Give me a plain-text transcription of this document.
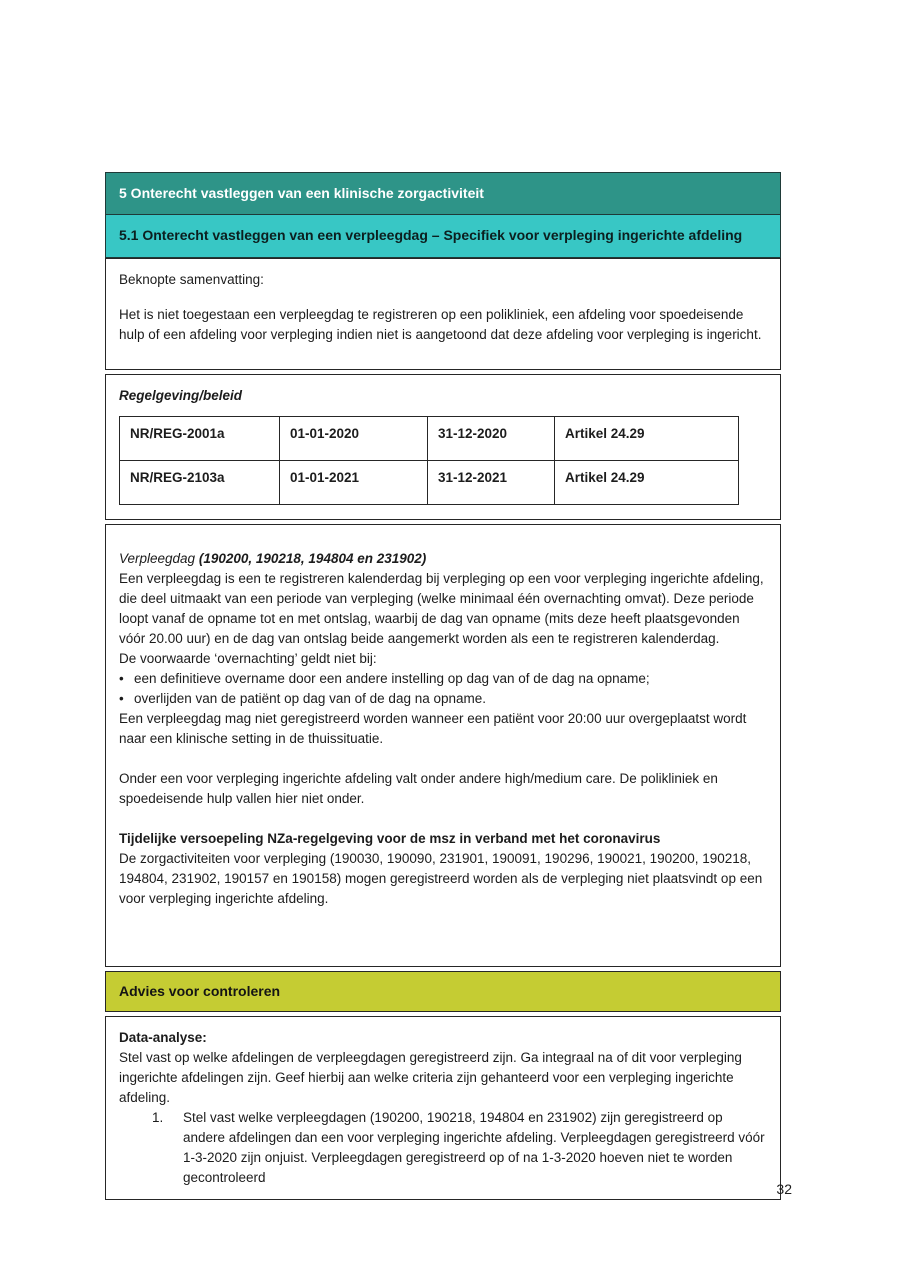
5 Onterecht vastleggen van een klinische zorgactiviteit
5.1 Onterecht vastleggen van een verpleegdag – Specifiek voor verpleging ingerichte afdeling

Beknopte samenvatting:

Het is niet toegestaan een verpleegdag te registreren op een polikliniek, een afdeling voor spoedeisende hulp of een afdeling voor verpleging indien niet is aangetoond dat deze afdeling voor verpleging is ingericht.

Regelgeving/beleid

NR/REG-2001a	01-01-2020	31-12-2020	Artikel 24.29
NR/REG-2103a	01-01-2021	31-12-2021	Artikel 24.29

Verpleegdag (190200, 190218, 194804 en 231902)

Een verpleegdag is een te registreren kalenderdag bij verpleging op een voor verpleging ingerichte afdeling, die deel uitmaakt van een periode van verpleging (welke minimaal één overnachting omvat). Deze periode loopt vanaf de opname tot en met ontslag, waarbij de dag van opname (mits deze heeft plaatsgevonden vóór 20.00 uur) en de dag van ontslag beide aangemerkt worden als een te registreren kalenderdag.

De voorwaarde ‘overnachting’ geldt niet bij:

• een definitieve overname door een andere instelling op dag van of de dag na opname;
• overlijden van de patiënt op dag van of de dag na opname.

Een verpleegdag mag niet geregistreerd worden wanneer een patiënt voor 20:00 uur overgeplaatst wordt naar een klinische setting in de thuissituatie.

Onder een voor verpleging ingerichte afdeling valt onder andere high/medium care. De polikliniek en spoedeisende hulp vallen hier niet onder.

Tijdelijke versoepeling NZa-regelgeving voor de msz in verband met het coronavirus

De zorgactiviteiten voor verpleging (190030, 190090, 231901, 190091, 190296, 190021, 190200, 190218, 194804, 231902, 190157 en 190158) mogen geregistreerd worden als de verpleging niet plaatsvindt op een voor verpleging ingerichte afdeling.

Advies voor controleren

Data-analyse:

Stel vast op welke afdelingen de verpleegdagen geregistreerd zijn. Ga integraal na of dit voor verpleging ingerichte afdelingen zijn. Geef hierbij aan welke criteria zijn gehanteerd voor een verpleging ingerichte afdeling.

1.	Stel vast welke verpleegdagen (190200, 190218, 194804 en 231902) zijn geregistreerd op andere afdelingen dan een voor verpleging ingerichte afdeling. Verpleegdagen geregistreerd vóór 1-3-2020 zijn onjuist. Verpleegdagen geregistreerd op of na 1-3-2020 hoeven niet te worden gecontroleerd
32
